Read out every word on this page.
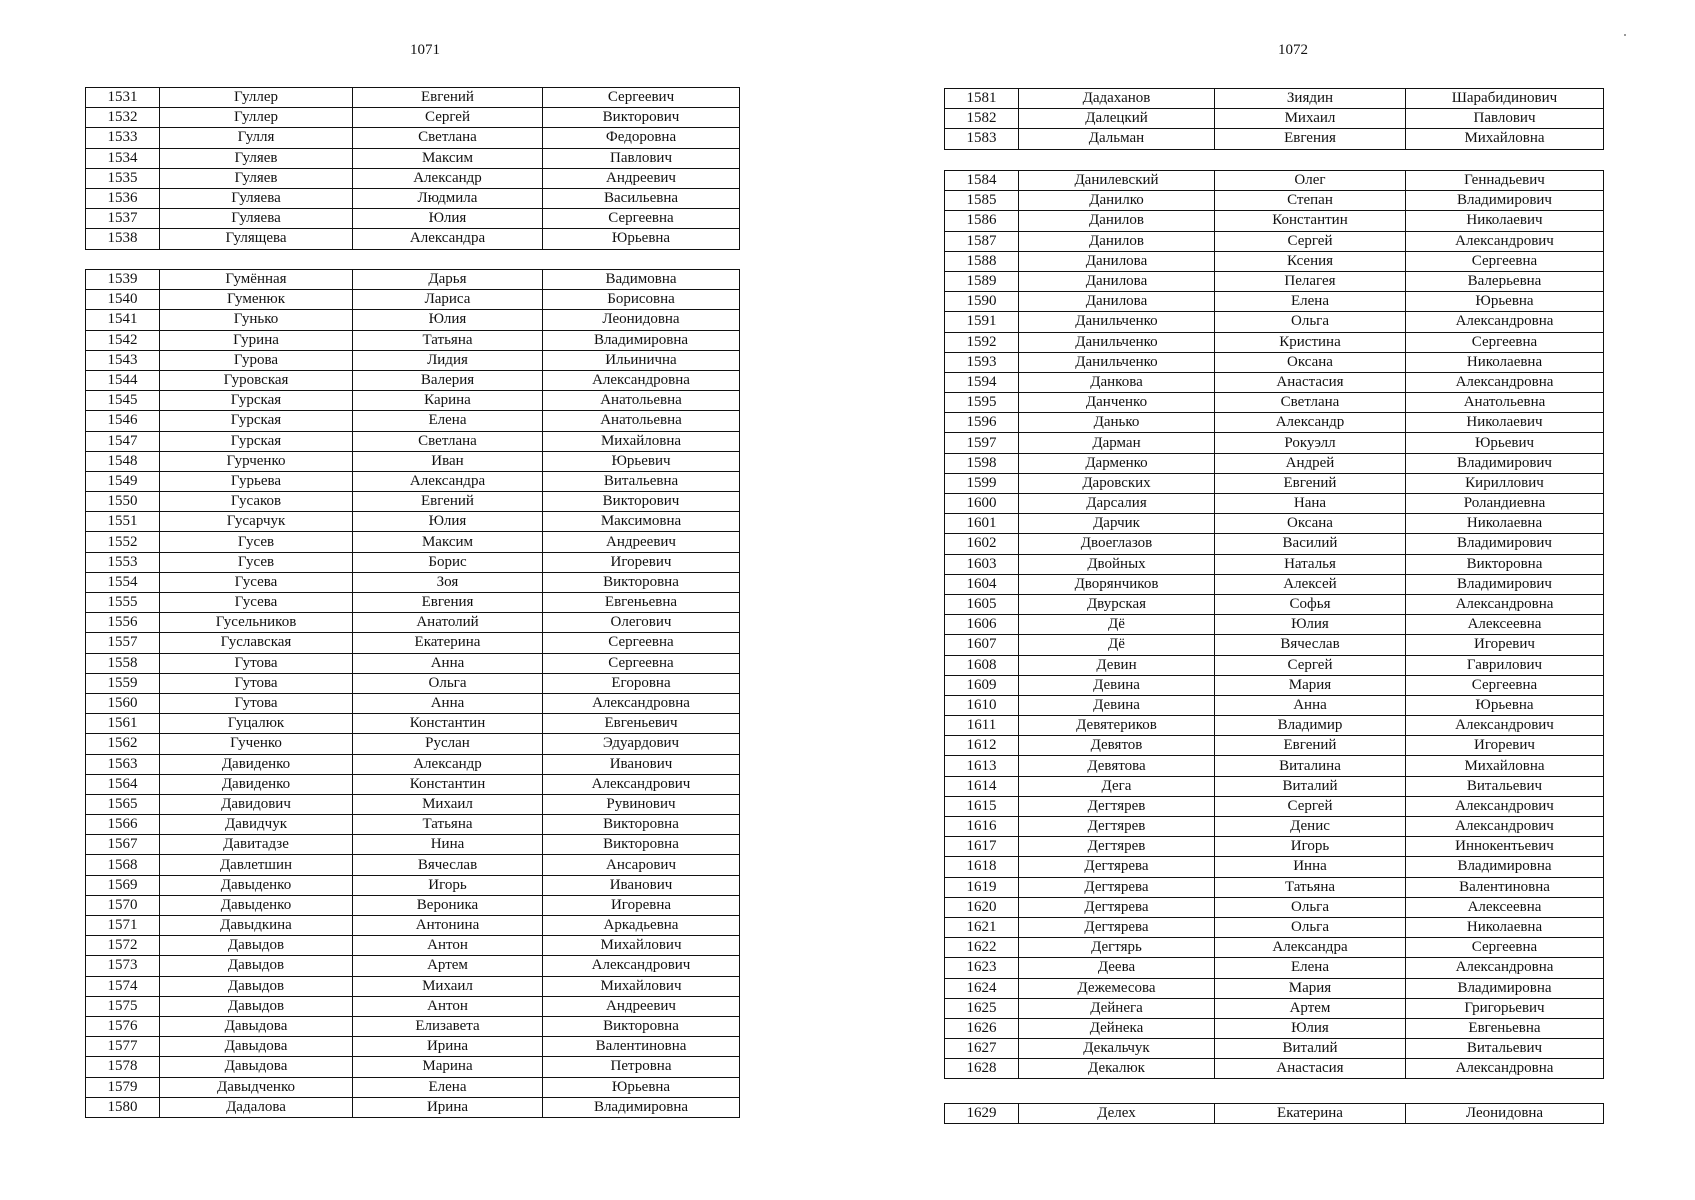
1071
1531	Гуллер	Евгений	Сергеевич
1532	Гуллер	Сергей	Викторович
1533	Гулля	Светлана	Федоровна
1534	Гуляев	Максим	Павлович
1535	Гуляев	Александр	Андреевич
1536	Гуляева	Людмила	Васильевна
1537	Гуляева	Юлия	Сергеевна
1538	Гулящева	Александра	Юрьевна
1539	Гумённая	Дарья	Вадимовна
1540	Гуменюк	Лариса	Борисовна
1541	Гунько	Юлия	Леонидовна
1542	Гурина	Татьяна	Владимировна
1543	Гурова	Лидия	Ильинична
1544	Гуровская	Валерия	Александровна
1545	Гурская	Карина	Анатольевна
1546	Гурская	Елена	Анатольевна
1547	Гурская	Светлана	Михайловна
1548	Гурченко	Иван	Юрьевич
1549	Гурьева	Александра	Витальевна
1550	Гусаков	Евгений	Викторович
1551	Гусарчук	Юлия	Максимовна
1552	Гусев	Максим	Андреевич
1553	Гусев	Борис	Игоревич
1554	Гусева	Зоя	Викторовна
1555	Гусева	Евгения	Евгеньевна
1556	Гусельников	Анатолий	Олегович
1557	Гуславская	Екатерина	Сергеевна
1558	Гутова	Анна	Сергеевна
1559	Гутова	Ольга	Егоровна
1560	Гутова	Анна	Александровна
1561	Гуцалюк	Константин	Евгеньевич
1562	Гученко	Руслан	Эдуардович
1563	Давиденко	Александр	Иванович
1564	Давиденко	Константин	Александрович
1565	Давидович	Михаил	Рувинович
1566	Давидчук	Татьяна	Викторовна
1567	Давитадзе	Нина	Викторовна
1568	Давлетшин	Вячеслав	Ансарович
1569	Давыденко	Игорь	Иванович
1570	Давыденко	Вероника	Игоревна
1571	Давыдкина	Антонина	Аркадьевна
1572	Давыдов	Антон	Михайлович
1573	Давыдов	Артем	Александрович
1574	Давыдов	Михаил	Михайлович
1575	Давыдов	Антон	Андреевич
1576	Давыдова	Елизавета	Викторовна
1577	Давыдова	Ирина	Валентиновна
1578	Давыдова	Марина	Петровна
1579	Давыдченко	Елена	Юрьевна
1580	Дадалова	Ирина	Владимировна
1072
1581	Дадаханов	Зиядин	Шарабидинович
1582	Далецкий	Михаил	Павлович
1583	Дальман	Евгения	Михайловна
1584	Данилевский	Олег	Геннадьевич
1585	Данилко	Степан	Владимирович
1586	Данилов	Константин	Николаевич
1587	Данилов	Сергей	Александрович
1588	Данилова	Ксения	Сергеевна
1589	Данилова	Пелагея	Валерьевна
1590	Данилова	Елена	Юрьевна
1591	Данильченко	Ольга	Александровна
1592	Данильченко	Кристина	Сергеевна
1593	Данильченко	Оксана	Николаевна
1594	Данкова	Анастасия	Александровна
1595	Данченко	Светлана	Анатольевна
1596	Данько	Александр	Николаевич
1597	Дарман	Рокуэлл	Юрьевич
1598	Дарменко	Андрей	Владимирович
1599	Даровских	Евгений	Кириллович
1600	Дарсалия	Нана	Роландиевна
1601	Дарчик	Оксана	Николаевна
1602	Двоеглазов	Василий	Владимирович
1603	Двойных	Наталья	Викторовна
1604	Дворянчиков	Алексей	Владимирович
1605	Двурская	Софья	Александровна
1606	Дё	Юлия	Алексеевна
1607	Дё	Вячеслав	Игоревич
1608	Девин	Сергей	Гаврилович
1609	Девина	Мария	Сергеевна
1610	Девина	Анна	Юрьевна
1611	Девятериков	Владимир	Александрович
1612	Девятов	Евгений	Игоревич
1613	Девятова	Виталина	Михайловна
1614	Дега	Виталий	Витальевич
1615	Дегтярев	Сергей	Александрович
1616	Дегтярев	Денис	Александрович
1617	Дегтярев	Игорь	Иннокентьевич
1618	Дегтярева	Инна	Владимировна
1619	Дегтярева	Татьяна	Валентиновна
1620	Дегтярева	Ольга	Алексеевна
1621	Дегтярева	Ольга	Николаевна
1622	Дегтярь	Александра	Сергеевна
1623	Деева	Елена	Александровна
1624	Дежемесова	Мария	Владимировна
1625	Дейнега	Артем	Григорьевич
1626	Дейнека	Юлия	Евгеньевна
1627	Декальчук	Виталий	Витальевич
1628	Декалюк	Анастасия	Александровна
1629	Делех	Екатерина	Леонидовна
